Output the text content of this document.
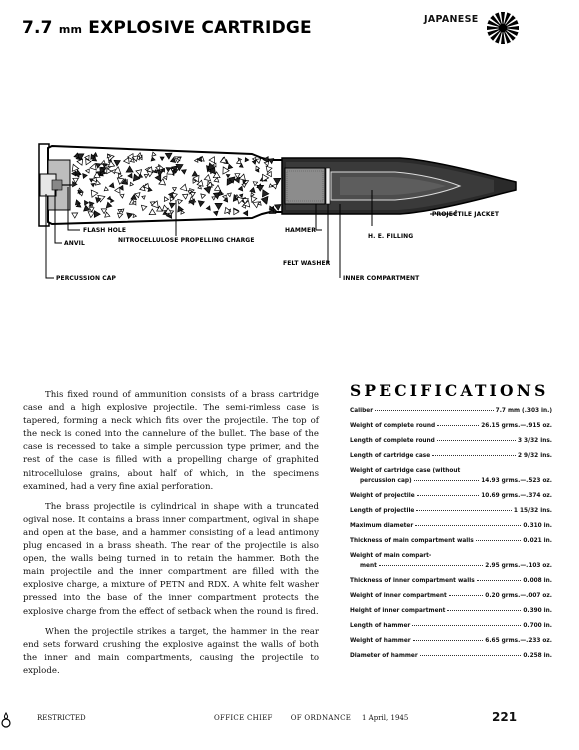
7.7 mm EXPLOSIVE CARTRIDGE	JAPANESE
FLASH HOLE
ANVIL
PERCUSSION CAP
NITROCELLULOSE PROPELLING CHARGE
HAMMER
FELT WASHER
H. E. FILLING
INNER COMPARTMENT
PROJECTILE JACKET

This fixed round of ammunition consists of a brass cartridge case and a high explosive projectile. The semi-rimless case is tapered, forming a neck which fits over the projectile. The top of the neck is coned into the cannelure of the bullet. The base of the case is recessed to take a simple percussion type primer, and the rest of the case is filled with a propelling charge of graphited nitrocellulose grains, about half of which, in the specimens examined, had a very fine axial perforation.

The brass projectile is cylindrical in shape with a truncated ogival nose. It contains a brass inner compartment, ogival in shape and open at the base, and a hammer consisting of a lead antimony plug encased in a brass sheath. The rear of the projectile is also open, the walls being turned in to retain the hammer. Both the main projectile and the inner compartment are filled with the explosive charge, a mixture of PETN and RDX. A white felt washer pressed into the base of the inner compartment protects the explosive charge from the effect of setback when the round is fired.

When the projectile strikes a target, the hammer in the rear end sets forward crushing the explosive against the walls of both the inner and main compartments, causing the projectile to explode.

SPECIFICATIONS
Caliber	7.7 mm (.303 in.)
Weight of complete round	26.15 grms.—.915 oz.
Length of complete round	3 3/32 ins.
Length of cartridge case	2 9/32 ins.
Weight of cartridge case (without
percussion cap)	14.93 grms.—.523 oz.
Weight of projectile	10.69 grms.—.374 oz.
Length of projectile	1 15/32 ins.
Maximum diameter	0.310 in.
Thickness of main compartment walls	0.021 in.
Weight of main compart-
ment	2.95 grms.—.103 oz.
Thickness of inner compartment walls	0.008 in.
Weight of inner compartment	0.20 grms.—.007 oz.
Height of inner compartment	0.390 in.
Length of hammer	0.700 in.
Weight of hammer	6.65 grms.—.233 oz.
Diameter of hammer	0.258 in.
RESTRICTED	OFFICE CHIEF	OF ORDNANCE 1 April, 1945	221
